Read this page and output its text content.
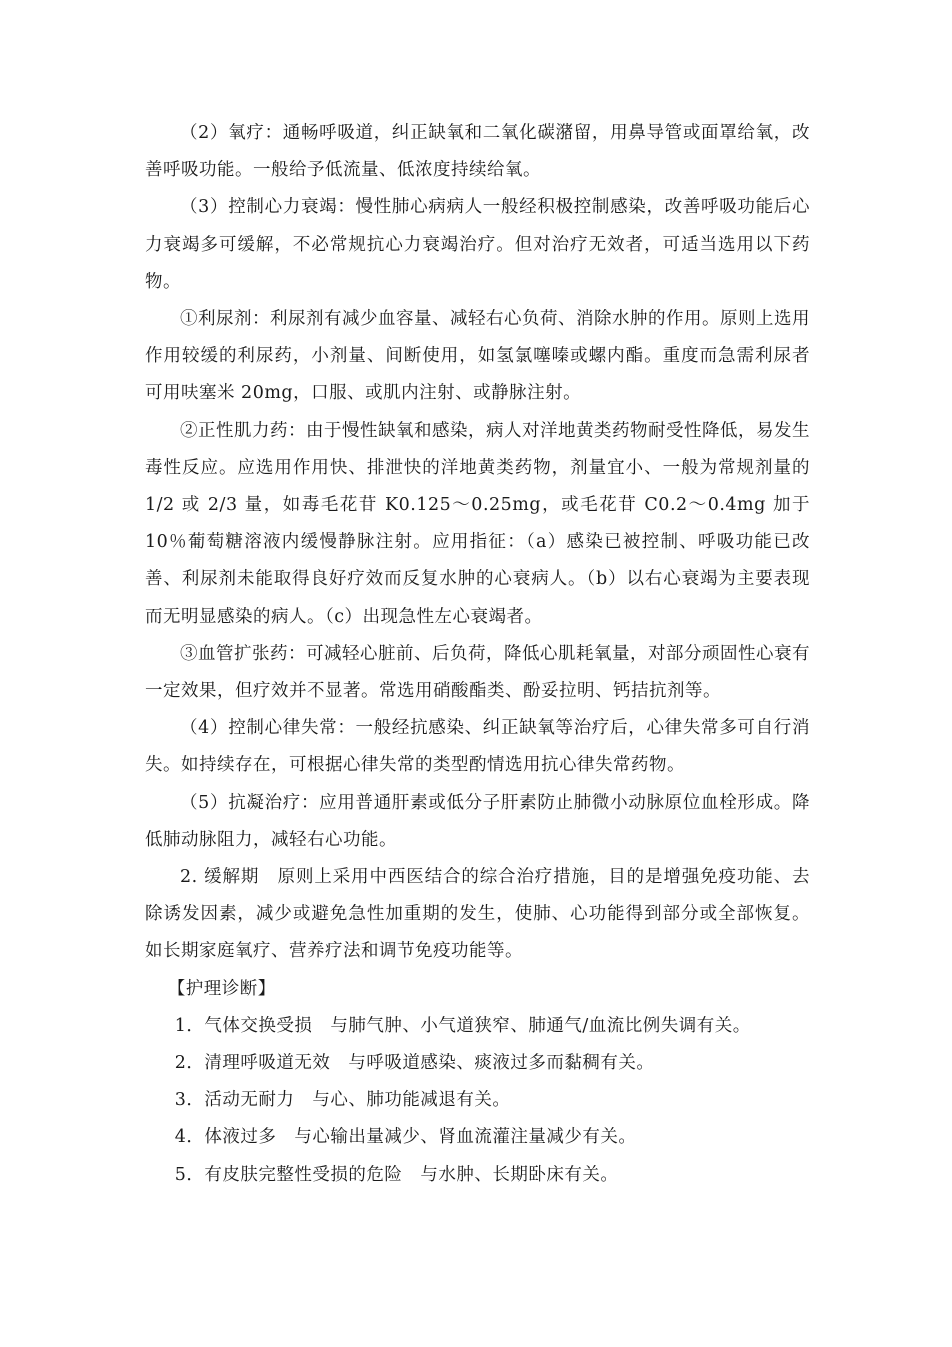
（2）氧疗：通畅呼吸道，纠正缺氧和二氧化碳潴留，用鼻导管或面罩给氧，改善呼吸功能。一般给予低流量、低浓度持续给氧。

（3）控制心力衰竭：慢性肺心病病人一般经积极控制感染，改善呼吸功能后心力衰竭多可缓解，不必常规抗心力衰竭治疗。但对治疗无效者，可适当选用以下药物。

①利尿剂：利尿剂有减少血容量、减轻右心负荷、消除水肿的作用。原则上选用作用较缓的利尿药，小剂量、间断使用，如氢氯噻嗪或螺内酯。重度而急需利尿者可用呋塞米 20mg，口服、或肌内注射、或静脉注射。

②正性肌力药：由于慢性缺氧和感染，病人对洋地黄类药物耐受性降低，易发生毒性反应。应选用作用快、排泄快的洋地黄类药物，剂量宜小、一般为常规剂量的 1/2 或 2/3 量，如毒毛花苷 K0.125～0.25mg，或毛花苷 C0.2～0.4mg 加于 10％葡萄糖溶液内缓慢静脉注射。应用指征：（a）感染已被控制、呼吸功能已改善、利尿剂未能取得良好疗效而反复水肿的心衰病人。（b）以右心衰竭为主要表现而无明显感染的病人。（c）出现急性左心衰竭者。

③血管扩张药：可减轻心脏前、后负荷，降低心肌耗氧量，对部分顽固性心衰有一定效果，但疗效并不显著。常选用硝酸酯类、酚妥拉明、钙拮抗剂等。

（4）控制心律失常：一般经抗感染、纠正缺氧等治疗后，心律失常多可自行消失。如持续存在，可根据心律失常的类型酌情选用抗心律失常药物。

（5）抗凝治疗：应用普通肝素或低分子肝素防止肺微小动脉原位血栓形成。降低肺动脉阻力，减轻右心功能。

2. 缓解期　原则上采用中西医结合的综合治疗措施，目的是增强免疫功能、去除诱发因素，减少或避免急性加重期的发生，使肺、心功能得到部分或全部恢复。如长期家庭氧疗、营养疗法和调节免疫功能等。

【护理诊断】

1．气体交换受损　与肺气肿、小气道狭窄、肺通气/血流比例失调有关。

2．清理呼吸道无效　与呼吸道感染、痰液过多而黏稠有关。

3．活动无耐力　与心、肺功能减退有关。

4．体液过多　与心输出量减少、肾血流灌注量减少有关。

5．有皮肤完整性受损的危险　与水肿、长期卧床有关。
